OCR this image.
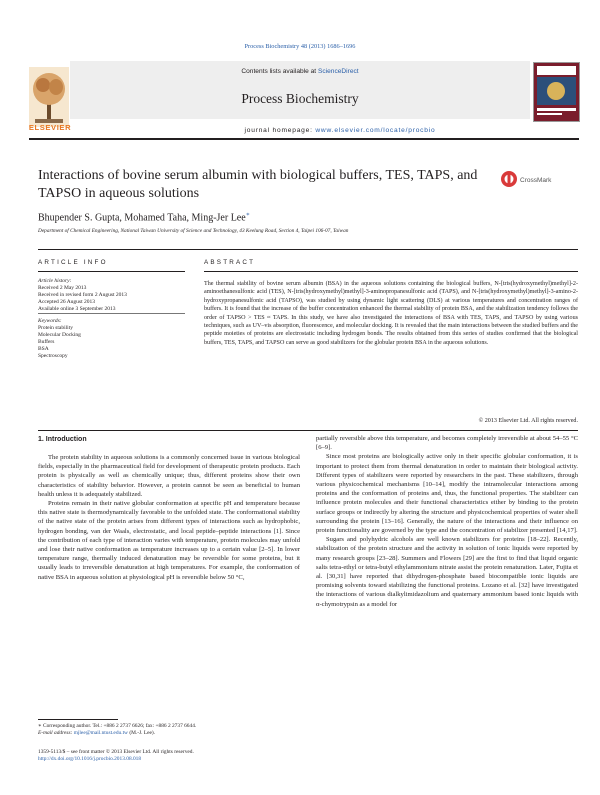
Process Biochemistry 48 (2013) 1686–1696
Contents lists available at ScienceDirect
Process Biochemistry
journal homepage: www.elsevier.com/locate/procbio
ELSEVIER
Interactions of bovine serum albumin with biological buffers, TES, TAPS, and TAPSO in aqueous solutions
CrossMark
Bhupender S. Gupta, Mohamed Taha, Ming-Jer Lee∗
Department of Chemical Engineering, National Taiwan University of Science and Technology, 43 Keelung Road, Section 4, Taipei 106-07, Taiwan
ARTICLE INFO	ABSTRACT
Article history:
Received 2 May 2013
Received in revised form 2 August 2013
Accepted 26 August 2013
Available online 3 September 2013
Keywords:
Protein stability
Molecular Docking
Buffers
BSA
Spectroscopy
The thermal stability of bovine serum albumin (BSA) in the aqueous solutions containing the biological buffers, N-[tris(hydroxymethyl)methyl]-2-aminoethanesulfonic acid (TES), N-[tris(hydroxymethyl)methyl]-3-aminopropanesulfonic acid (TAPS), and N-[tris(hydroxymethyl)methyl]-3-amino-2-hydroxypropanesulfonic acid (TAPSO), was studied by using dynamic light scattering (DLS) at various temperatures and concentration ranges of buffers. It is found that the increase of the buffer concentration enhanced the thermal stability of protein BSA, and the stabilization tendency follows the order of TAPSO > TES ≈ TAPS. In this study, we have also investigated the interactions of BSA with TES, TAPS, and TAPSO by using various techniques, such as UV–vis absorption, fluorescence, and molecular docking. It is revealed that the main interactions between the studied buffers and the peptide moieties of proteins are electrostatic including hydrogen bonds. The results obtained from this series of studies confirmed that the biological buffers, TES, TAPS, and TAPSO can serve as good stabilizers for the globular protein BSA in the aqueous solutions.
© 2013 Elsevier Ltd. All rights reserved.
1. Introduction

The protein stability in aqueous solutions is a commonly concerned issue in various biological fields, especially in the pharmaceutical field for development of therapeutic protein products. Each protein is physically as well as chemically unique; thus, different proteins show their own characteristics of stability behavior. However, a protein cannot be seen as beneficial to human health unless it is adequately stabilized.

Proteins remain in their native globular conformation at specific pH and temperature because this native state is thermodynamically favorable to the unfolded state. The conformational stability of the native state of the protein arises from different types of interactions such as hydrophobic, hydrogen bonding, van der Waals, electrostatic, and local peptide–peptide interactions [1]. Since the contribution of each type of interaction varies with temperature, protein molecules may unfold and lose their native conformation as temperature increases up to a certain value [2–5]. In lower temperature range, thermally induced denaturation may be reversible for some proteins, but it usually leads to irreversible denaturation at high temperatures. For example, the conformation of native BSA in aqueous solution at physiological pH is reversible below 50 °C,

partially reversible above this temperature, and becomes completely irreversible at about 54–55 °C [6–9].

Since most proteins are biologically active only in their specific globular conformation, it is important to protect them from thermal denaturation in order to maintain their biological activity. Different types of stabilizers were reported by researchers in the past. These stabilizers, through various physicochemical mechanisms [10–14], modify the intramolecular interactions among proteins and the conformation of proteins and, thus, the functional properties. The stabilizer can influence protein molecules and their functional characteristics either by binding to the protein surface groups or indirectly by altering the structure and physicochemical properties of water shell surrounding the protein [13–16]. Generally, the nature of the interactions and their influence on protein functionality are governed by the type and the concentration of stabilizer presented [14,17].

Sugars and polyhydric alcohols are well known stabilizers for proteins [18–22]. Recently, stabilization of the protein structure and the activity in solution of ionic liquids were reported by many research groups [23–28]. Summers and Flowers [29] are the first to find that liquid organic salts tetra-ethyl or tetra-butyl ethylammonium nitrate assist the protein renaturation. Later, Fujita et al. [30,31] have reported that dihydrogen-phosphate based biocompatible ionic liquids are promising solvents toward stabilizing the functional proteins. Lozano et al. [32] have investigated the interactions of various dialkylimidazolium and quaternary ammonium based ionic liquids with α-chymotrypsin as a model for

∗ Corresponding author. Tel.: +886 2 2737 6626; fax: +886 2 2737 6644.
E-mail address: mjlee@mail.ntust.edu.tw (M.-J. Lee).
1359-5113/$ – see front matter © 2013 Elsevier Ltd. All rights reserved.
http://dx.doi.org/10.1016/j.procbio.2013.08.018
